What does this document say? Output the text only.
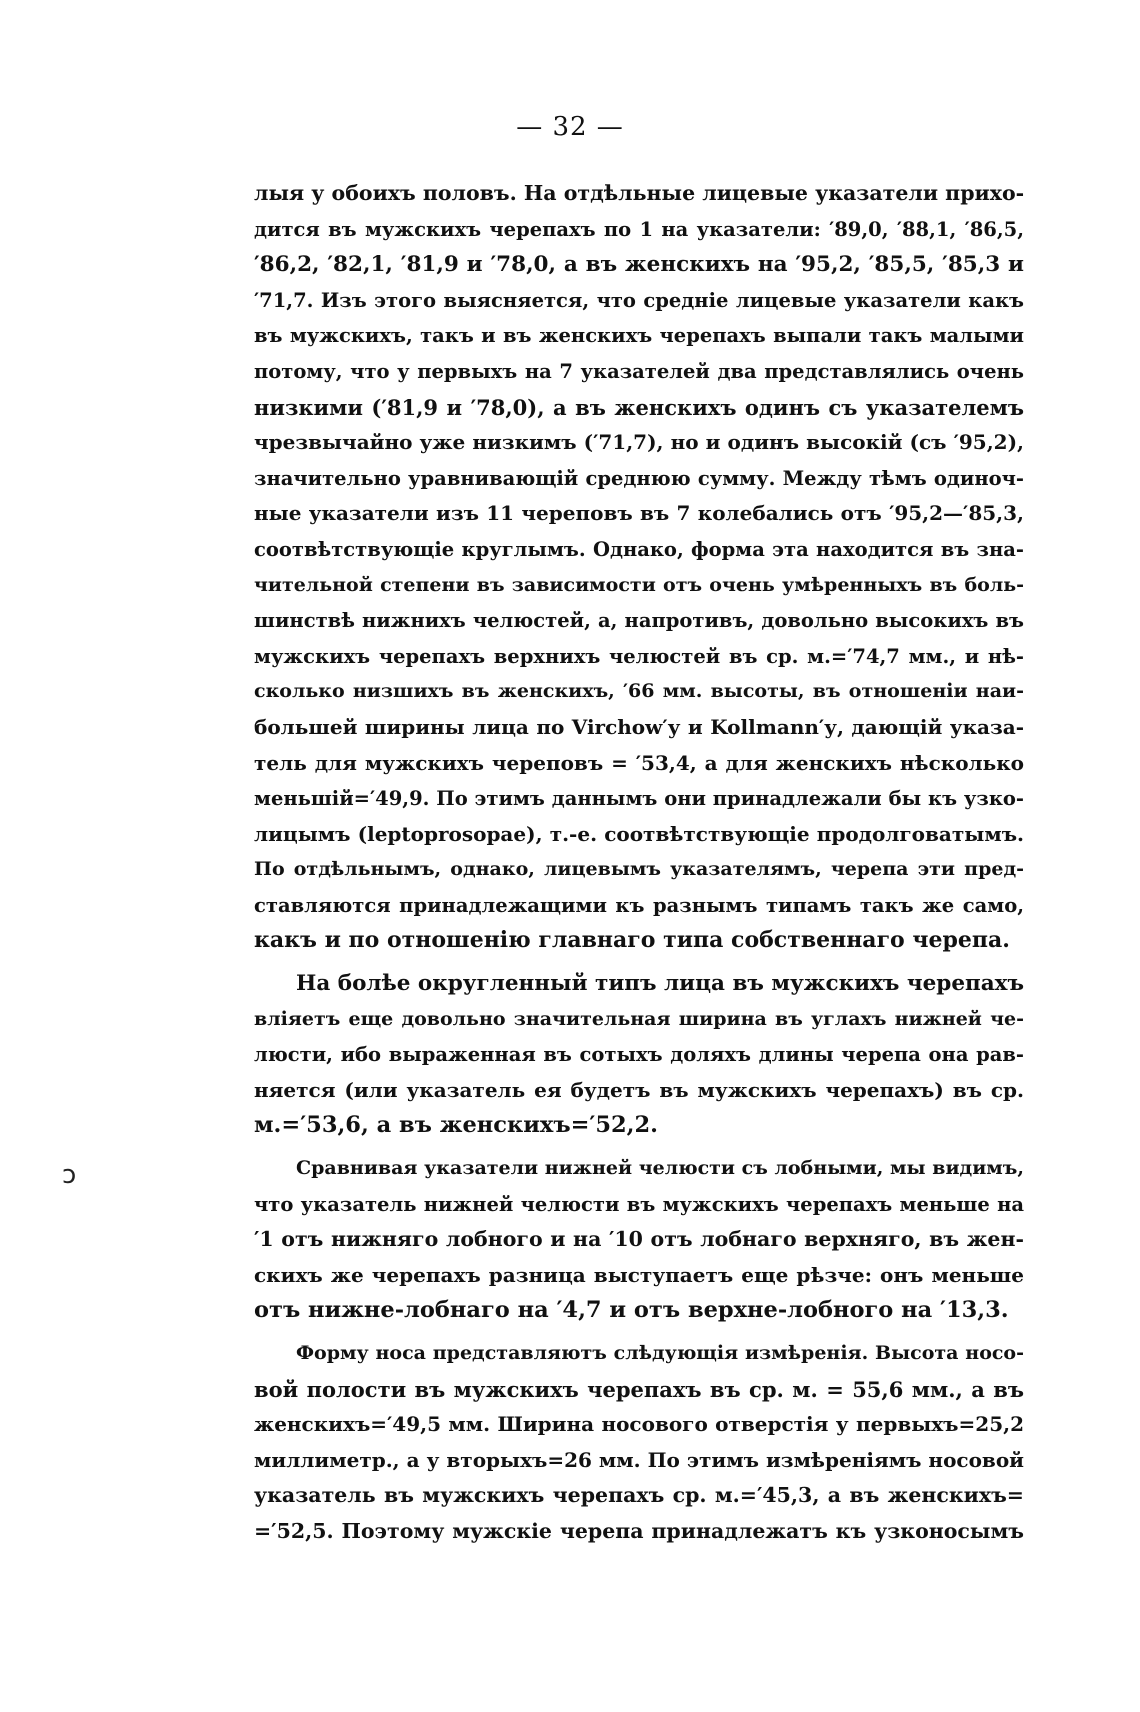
— 32 —
ↄ
лыя у обоихъ половъ. На отдѣльные лицевые указатели прихо-
дится въ мужскихъ черепахъ по 1 на указатели: ′89,0, ′88,1, ′86,5,
′86,2, ′82,1, ′81,9 и ′78,0, а въ женскихъ на ′95,2, ′85,5, ′85,3 и
′71,7. Изъ этого выясняется, что средніе лицевые указатели какъ
въ мужскихъ, такъ и въ женскихъ черепахъ выпали такъ малыми
потому, что у первыхъ на 7 указателей два представлялись очень
низкими (′81,9 и ′78,0), а въ женскихъ одинъ съ указателемъ
чрезвычайно уже низкимъ (′71,7), но и одинъ высокій (съ ′95,2),
значительно уравнивающій среднюю сумму. Между тѣмъ одиноч-
ные указатели изъ 11 череповъ въ 7 колебались отъ ′95,2—′85,3,
соотвѣтствующіе круглымъ. Однако, форма эта находится въ зна-
чительной степени въ зависимости отъ очень умѣренныхъ въ боль-
шинствѣ нижнихъ челюстей, а, напротивъ, довольно высокихъ въ
мужскихъ черепахъ верхнихъ челюстей въ ср. м.=′74,7 мм., и нѣ-
сколько низшихъ въ женскихъ, ′66 мм. высоты, въ отношеніи наи-
большей ширины лица по Virchow′у и Kollmann′у, дающій указа-
тель для мужскихъ череповъ = ′53,4, а для женскихъ нѣсколько
меньшій=′49,9. По этимъ даннымъ они принадлежали бы къ узко-
лицымъ (leptoprosopae), т.-е. соотвѣтствующіе продолговатымъ.
По отдѣльнымъ, однако, лицевымъ указателямъ, черепа эти пред-
ставляются принадлежащими къ разнымъ типамъ такъ же само,
какъ и по отношенію главнаго типа собственнаго черепа.
На болѣе округленный типъ лица въ мужскихъ черепахъ
вліяетъ еще довольно значительная ширина въ углахъ нижней че-
люсти, ибо выраженная въ сотыхъ доляхъ длины черепа она рав-
няется (или указатель ея будетъ въ мужскихъ черепахъ) въ ср.
м.=′53,6, а въ женскихъ=′52,2.
Сравнивая указатели нижней челюсти съ лобными, мы видимъ,
что указатель нижней челюсти въ мужскихъ черепахъ меньше на
′1 отъ нижняго лобного и на ′10 отъ лобнаго верхняго, въ жен-
скихъ же черепахъ разница выступаетъ еще рѣзче: онъ меньше
отъ нижне-лобнаго на ′4,7 и отъ верхне-лобного на ′13,3.
Форму носа представляютъ слѣдующія измѣренія. Высота носо-
вой полости въ мужскихъ черепахъ въ ср. м. = 55,6 мм., а въ
женскихъ=′49,5 мм. Ширина носового отверстія у первыхъ=25,2
миллиметр., а у вторыхъ=26 мм. По этимъ измѣреніямъ носовой
указатель въ мужскихъ черепахъ ср. м.=′45,3, а въ женскихъ=
=′52,5. Поэтому мужскіе черепа принадлежатъ къ узконосымъ
